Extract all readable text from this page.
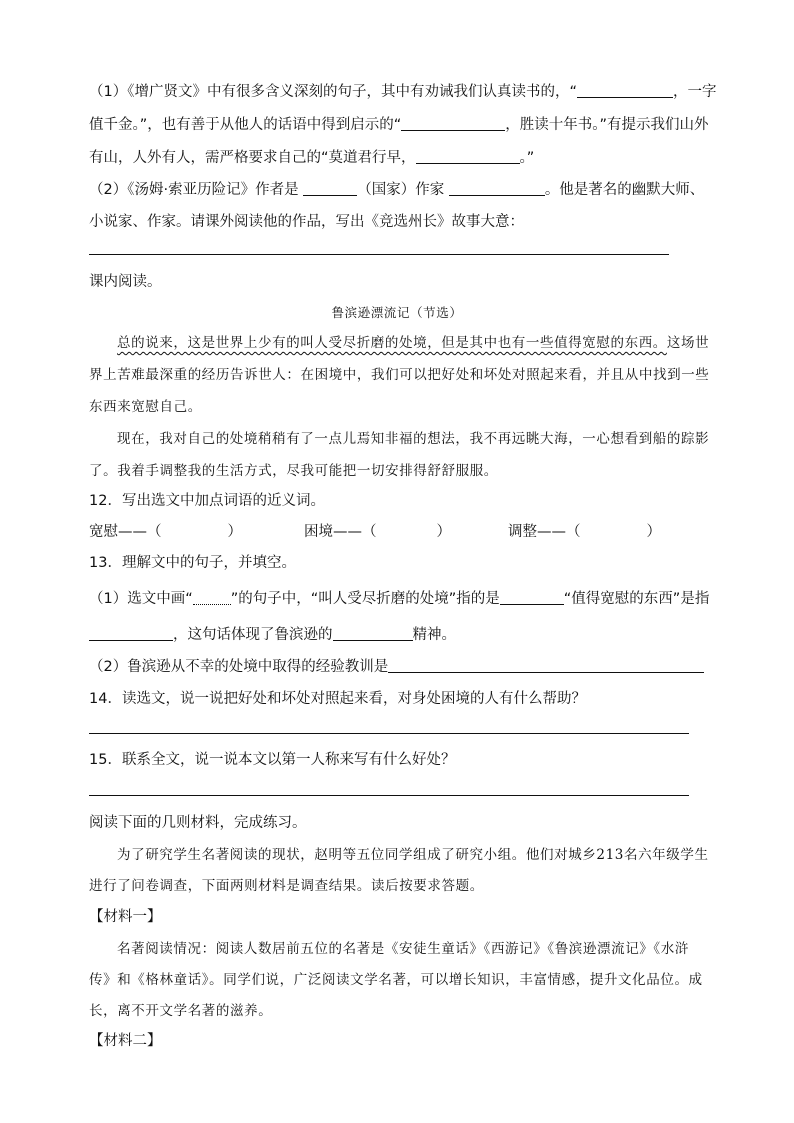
（1）《增广贤文》中有很多含义深刻的句子，其中有劝诫我们认真读书的，“	，一字
值千金。”，也有善于从他人的话语中得到启示的“	，胜读十年书。”有提示我们山外
有山，人外有人，需严格要求自己的“莫道君行早，	。”
（2）《汤姆·索亚历险记》作者是	（国家）作家	。他是著名的幽默大师、
小说家、作家。请课外阅读他的作品，写出《竞选州长》故事大意：
课内阅读。
鲁滨逊漂流记（节选）
总的说来，这是世界上少有的叫人受尽折磨的处境，但是其中也有一些值得宽慰的东西。这场世
界上苦难最深重的经历告诉世人：在困境中，我们可以把好处和坏处对照起来看，并且从中找到一些
东西来宽慰自己。
现在，我对自己的处境稍稍有了一点儿焉知非福的想法，我不再远眺大海，一心想看到船的踪影
了。我着手调整我的生活方式，尽我可能把一切安排得舒舒服服。
12．写出选文中加点词语的近义词。
宽慰——（	）	困境——（	）	调整——（	）
13．理解文中的句子，并填空。
（1）选文中画“	”的句子中，“叫人受尽折磨的处境”指的是	“值得宽慰的东西”是指
，这句话体现了鲁滨逊的	精神。
（2）鲁滨逊从不幸的处境中取得的经验教训是
14．读选文，说一说把好处和坏处对照起来看，对身处困境的人有什么帮助？
15．联系全文，说一说本文以第一人称来写有什么好处？
阅读下面的几则材料，完成练习。
为了研究学生名著阅读的现状，赵明等五位同学组成了研究小组。他们对城乡213名六年级学生
进行了问卷调查，下面两则材料是调查结果。读后按要求答题。
【材料一】
名著阅读情况：阅读人数居前五位的名著是《安徒生童话》《西游记》《鲁滨逊漂流记》《水浒
传》和《格林童话》。同学们说，广泛阅读文学名著，可以增长知识，丰富情感，提升文化品位。成
长，离不开文学名著的滋养。
【材料二】
